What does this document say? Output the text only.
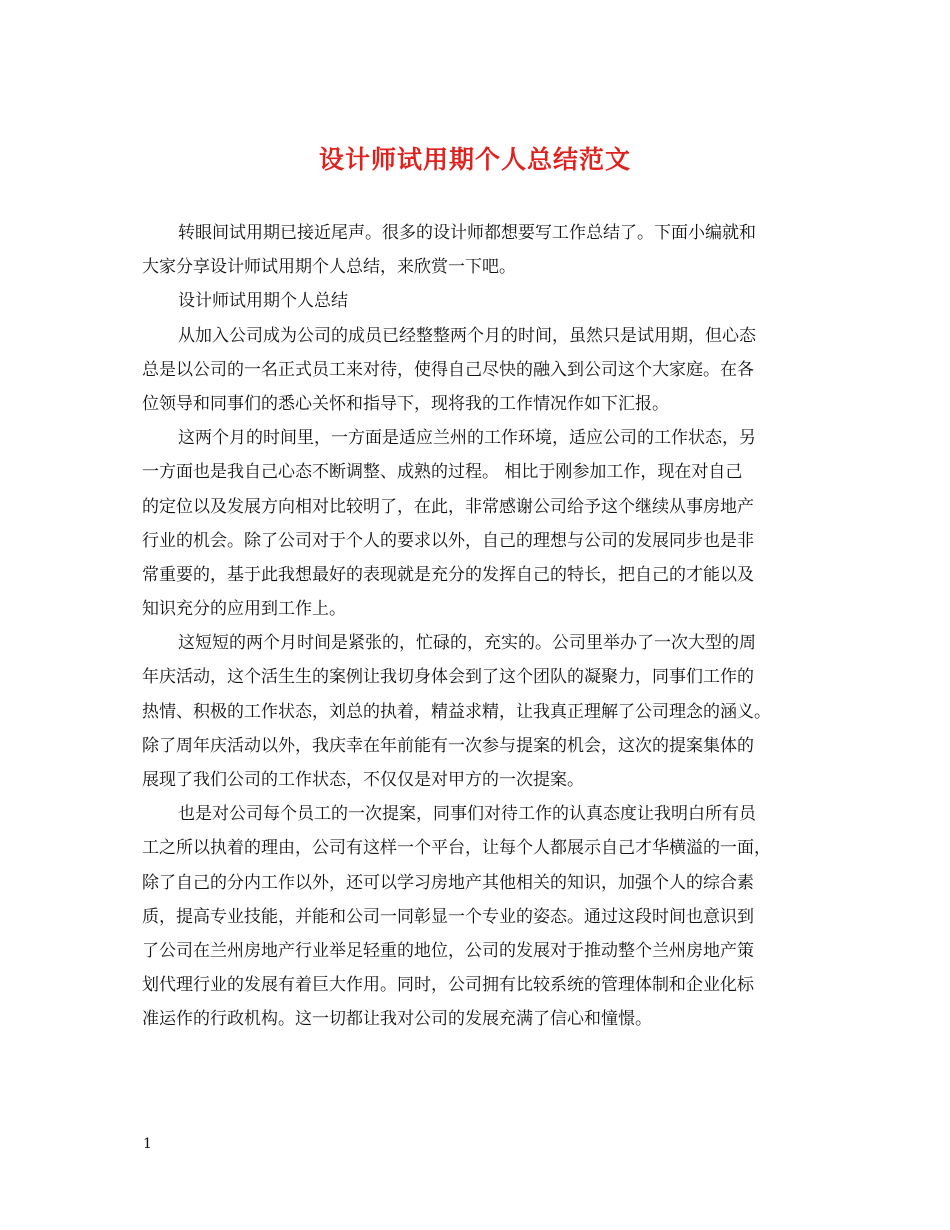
设计师试用期个人总结范文
转眼间试用期已接近尾声。很多的设计师都想要写工作总结了。下面小编就和
大家分享设计师试用期个人总结，来欣赏一下吧。
设计师试用期个人总结
从加入公司成为公司的成员已经整整两个月的时间，虽然只是试用期，但心态
总是以公司的一名正式员工来对待，使得自己尽快的融入到公司这个大家庭。在各
位领导和同事们的悉心关怀和指导下，现将我的工作情况作如下汇报。
这两个月的时间里，一方面是适应兰州的工作环境，适应公司的工作状态，另
一方面也是我自己心态不断调整、成熟的过程。 相比于刚参加工作，现在对自己
的定位以及发展方向相对比较明了，在此，非常感谢公司给予这个继续从事房地产
行业的机会。除了公司对于个人的要求以外，自己的理想与公司的发展同步也是非
常重要的，基于此我想最好的表现就是充分的发挥自己的特长，把自己的才能以及
知识充分的应用到工作上。
这短短的两个月时间是紧张的，忙碌的，充实的。公司里举办了一次大型的周
年庆活动，这个活生生的案例让我切身体会到了这个团队的凝聚力，同事们工作的
热情、积极的工作状态，刘总的执着，精益求精，让我真正理解了公司理念的涵义。
除了周年庆活动以外，我庆幸在年前能有一次参与提案的机会，这次的提案集体的
展现了我们公司的工作状态，不仅仅是对甲方的一次提案。
也是对公司每个员工的一次提案，同事们对待工作的认真态度让我明白所有员
工之所以执着的理由，公司有这样一个平台，让每个人都展示自己才华横溢的一面，
除了自己的分内工作以外，还可以学习房地产其他相关的知识，加强个人的综合素
质，提高专业技能，并能和公司一同彰显一个专业的姿态。通过这段时间也意识到
了公司在兰州房地产行业举足轻重的地位，公司的发展对于推动整个兰州房地产策
划代理行业的发展有着巨大作用。同时，公司拥有比较系统的管理体制和企业化标
准运作的行政机构。这一切都让我对公司的发展充满了信心和憧憬。
1
